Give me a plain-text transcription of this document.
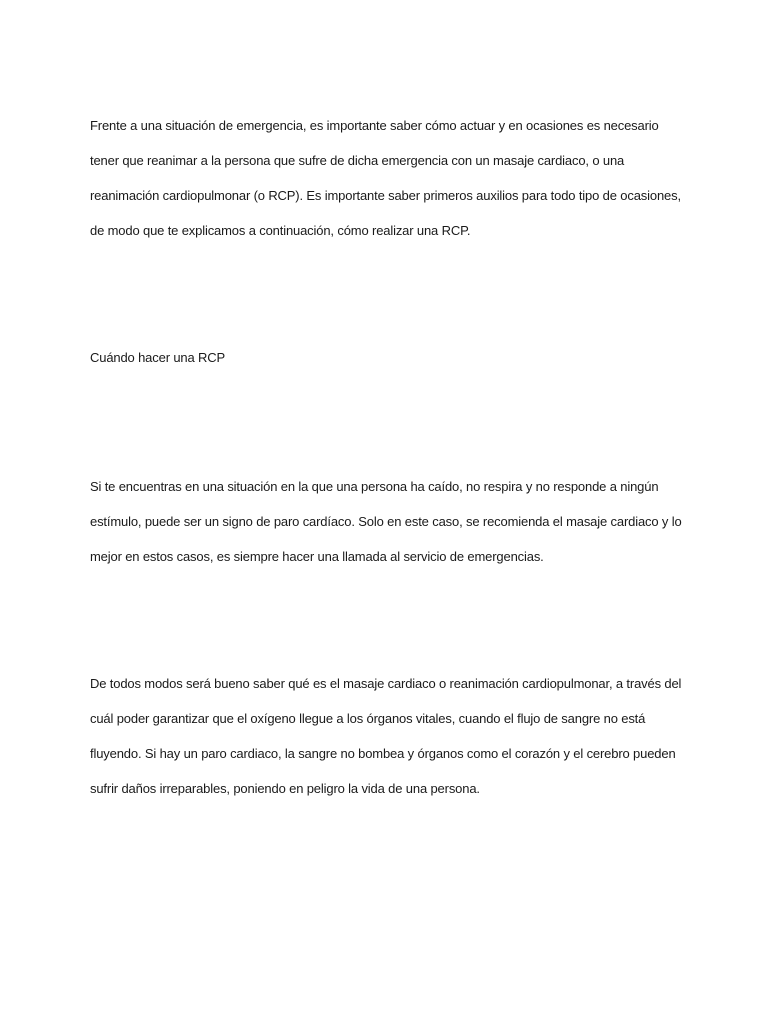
Frente a una situación de emergencia, es importante saber cómo actuar y en ocasiones es necesario
tener que reanimar a la persona que sufre de dicha emergencia con un masaje cardiaco, o una
reanimación cardiopulmonar (o RCP). Es importante saber primeros auxilios para todo tipo de ocasiones,
de modo que te explicamos a continuación, cómo realizar una RCP.
Cuándo hacer una RCP
Si te encuentras en una situación en la que una persona ha caído, no respira y no responde a ningún
estímulo, puede ser un signo de paro cardíaco. Solo en este caso, se recomienda el masaje cardiaco y lo
mejor en estos casos, es siempre hacer una llamada al servicio de emergencias.
De todos modos será bueno saber qué es el masaje cardiaco o reanimación cardiopulmonar, a través del
cuál poder garantizar que el oxígeno llegue a los órganos vitales, cuando el flujo de sangre no está
fluyendo. Si hay un paro cardiaco, la sangre no bombea y órganos como el corazón y el cerebro pueden
sufrir daños irreparables, poniendo en peligro la vida de una persona.
